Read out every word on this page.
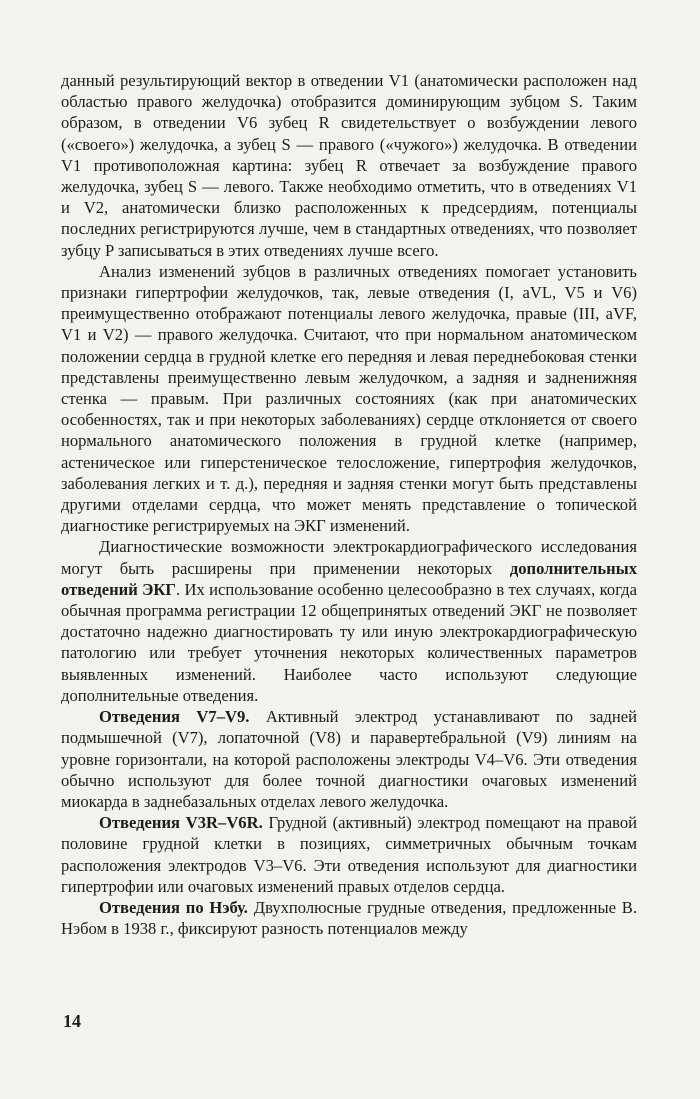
данный результирующий вектор в отведении V1 (анатомически расположен над областью правого желудочка) отобразится доминирующим зубцом S. Таким образом, в отведении V6 зубец R свидетельствует о возбуждении левого («своего») желудочка, а зубец S — правого («чужого») желудочка. В отведении V1 противоположная картина: зубец R отвечает за возбуждение правого желудочка, зубец S — левого. Также необходимо отметить, что в отведениях V1 и V2, анатомически близко расположенных к предсердиям, потенциалы последних регистрируются лучше, чем в стандартных отведениях, что позволяет зубцу P записываться в этих отведениях лучше всего.

Анализ изменений зубцов в различных отведениях помогает установить признаки гипертрофии желудочков, так, левые отведения (I, aVL, V5 и V6) преимущественно отображают потенциалы левого желудочка, правые (III, aVF, V1 и V2) — правого желудочка. Считают, что при нормальном анатомическом положении сердца в грудной клетке его передняя и левая переднебоковая стенки представлены преимущественно левым желудочком, а задняя и задненижняя стенка — правым. При различных состояниях (как при анатомических особенностях, так и при некоторых заболеваниях) сердце отклоняется от своего нормального анатомического положения в грудной клетке (например, астеническое или гиперстеническое телосложение, гипертрофия желудочков, заболевания легких и т. д.), передняя и задняя стенки могут быть представлены другими отделами сердца, что может менять представление о топической диагностике регистрируемых на ЭКГ изменений.

Диагностические возможности электрокардиографического исследования могут быть расширены при применении некоторых дополнительных отведений ЭКГ. Их использование особенно целесообразно в тех случаях, когда обычная программа регистрации 12 общепринятых отведений ЭКГ не позволяет достаточно надежно диагностировать ту или иную электрокардиографическую патологию или требует уточнения некоторых количественных параметров выявленных изменений. Наиболее часто используют следующие дополнительные отведения.

Отведения V7–V9. Активный электрод устанавливают по задней подмышечной (V7), лопаточной (V8) и паравертебральной (V9) линиям на уровне горизонтали, на которой расположены электроды V4–V6. Эти отведения обычно используют для более точной диагностики очаговых изменений миокарда в заднебазальных отделах левого желудочка.

Отведения V3R–V6R. Грудной (активный) электрод помещают на правой половине грудной клетки в позициях, симметричных обычным точкам расположения электродов V3–V6. Эти отведения используют для диагностики гипертрофии или очаговых изменений правых отделов сердца.

Отведения по Нэбу. Двухполюсные грудные отведения, предложенные В. Нэбом в 1938 г., фиксируют разность потенциалов между

14
